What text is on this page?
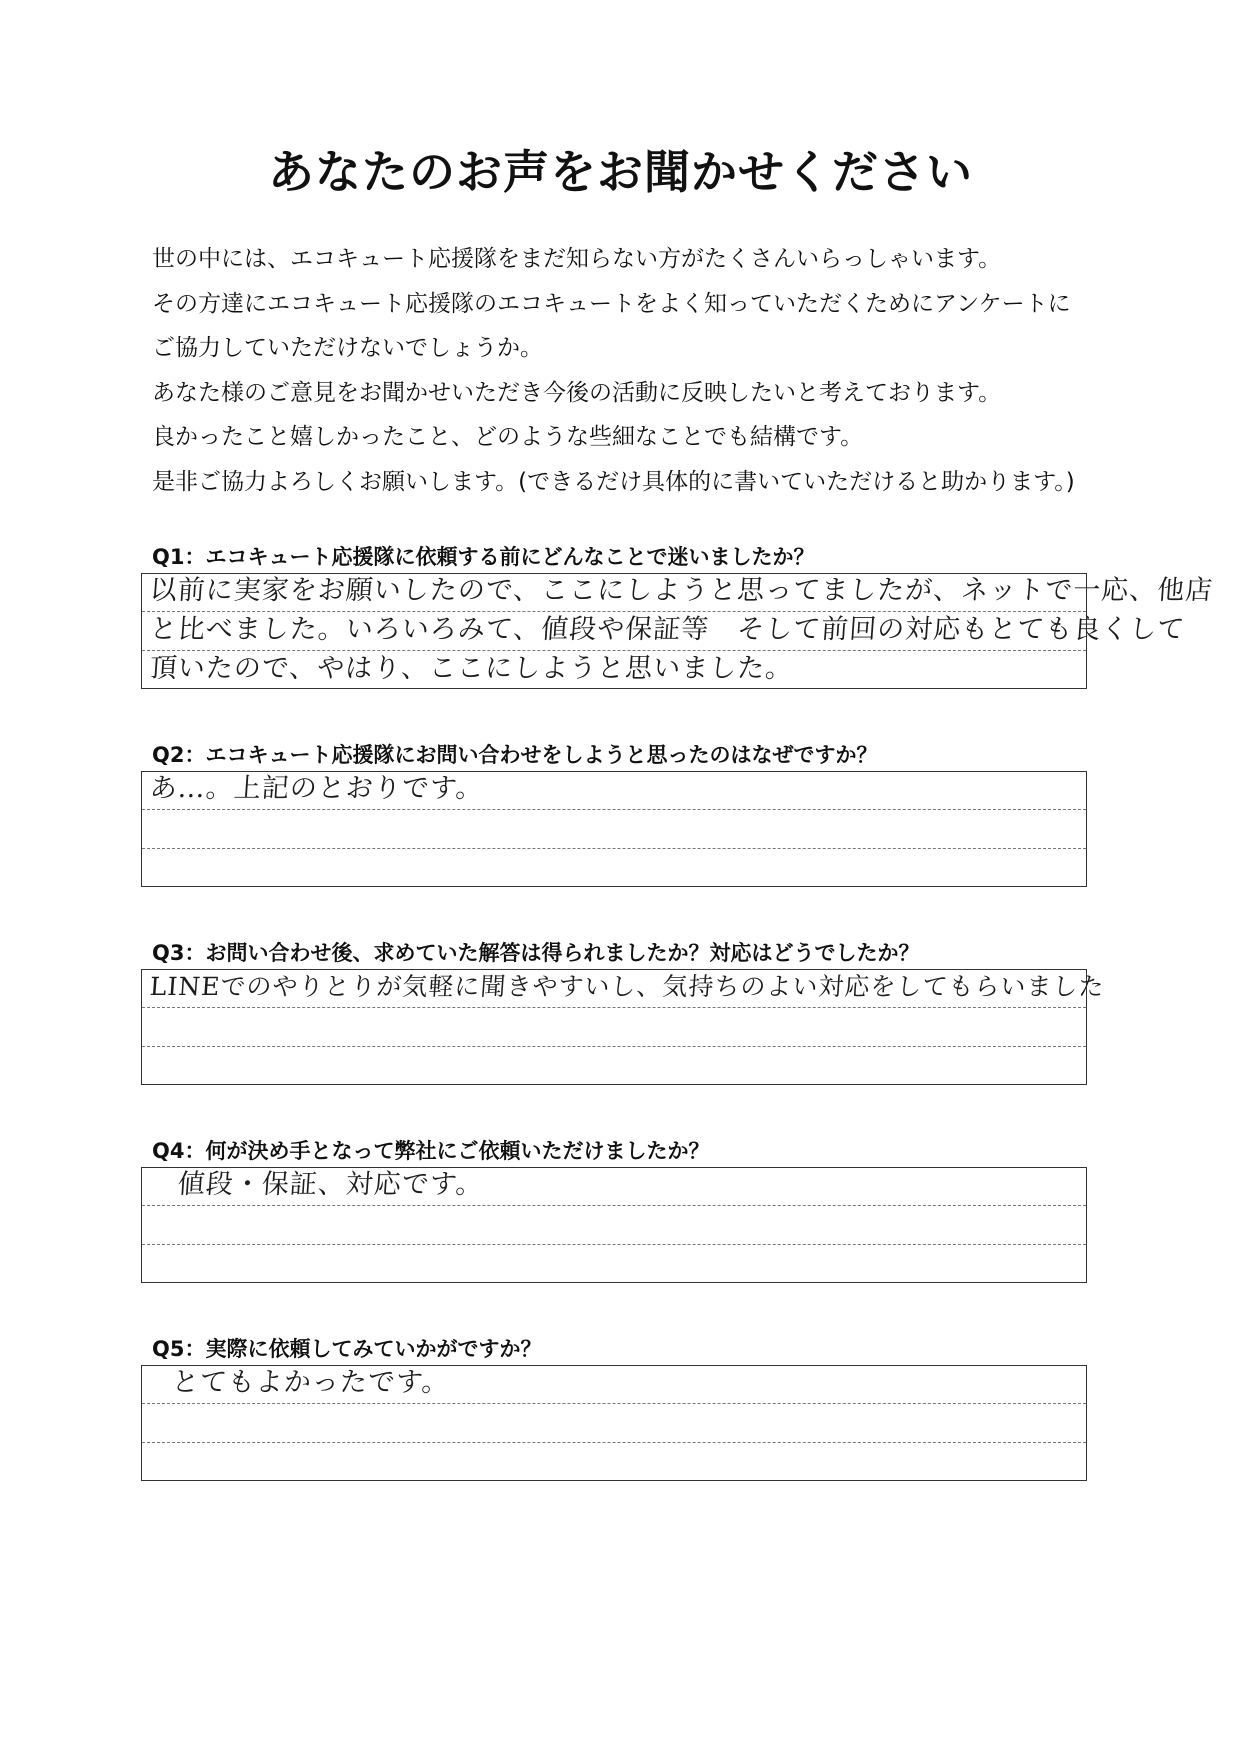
あなたのお声をお聞かせください
世の中には、エコキュート応援隊をまだ知らない方がたくさんいらっしゃいます。
その方達にエコキュート応援隊のエコキュートをよく知っていただくためにアンケートに
ご協力していただけないでしょうか。
あなた様のご意見をお聞かせいただき今後の活動に反映したいと考えております。
良かったこと嬉しかったこと、どのような些細なことでも結構です。
是非ご協力よろしくお願いします。(できるだけ具体的に書いていただけると助かります。)
Q1：エコキュート応援隊に依頼する前にどんなことで迷いましたか？
以前に実家をお願いしたので、ここにしようと思ってましたが、ネットで一応、他店
と比べました。いろいろみて、値段や保証等　そして前回の対応もとても良くして
頂いたので、やはり、ここにしようと思いました。
Q2：エコキュート応援隊にお問い合わせをしようと思ったのはなぜですか？
あ…。上記のとおりです。
Q3：お問い合わせ後、求めていた解答は得られましたか？対応はどうでしたか？
LINEでのやりとりが気軽に聞きやすいし、気持ちのよい対応をしてもらいました
Q4：何が決め手となって弊社にご依頼いただけましたか？
値段・保証、対応です。
Q5：実際に依頼してみていかがですか？
とてもよかったです。
